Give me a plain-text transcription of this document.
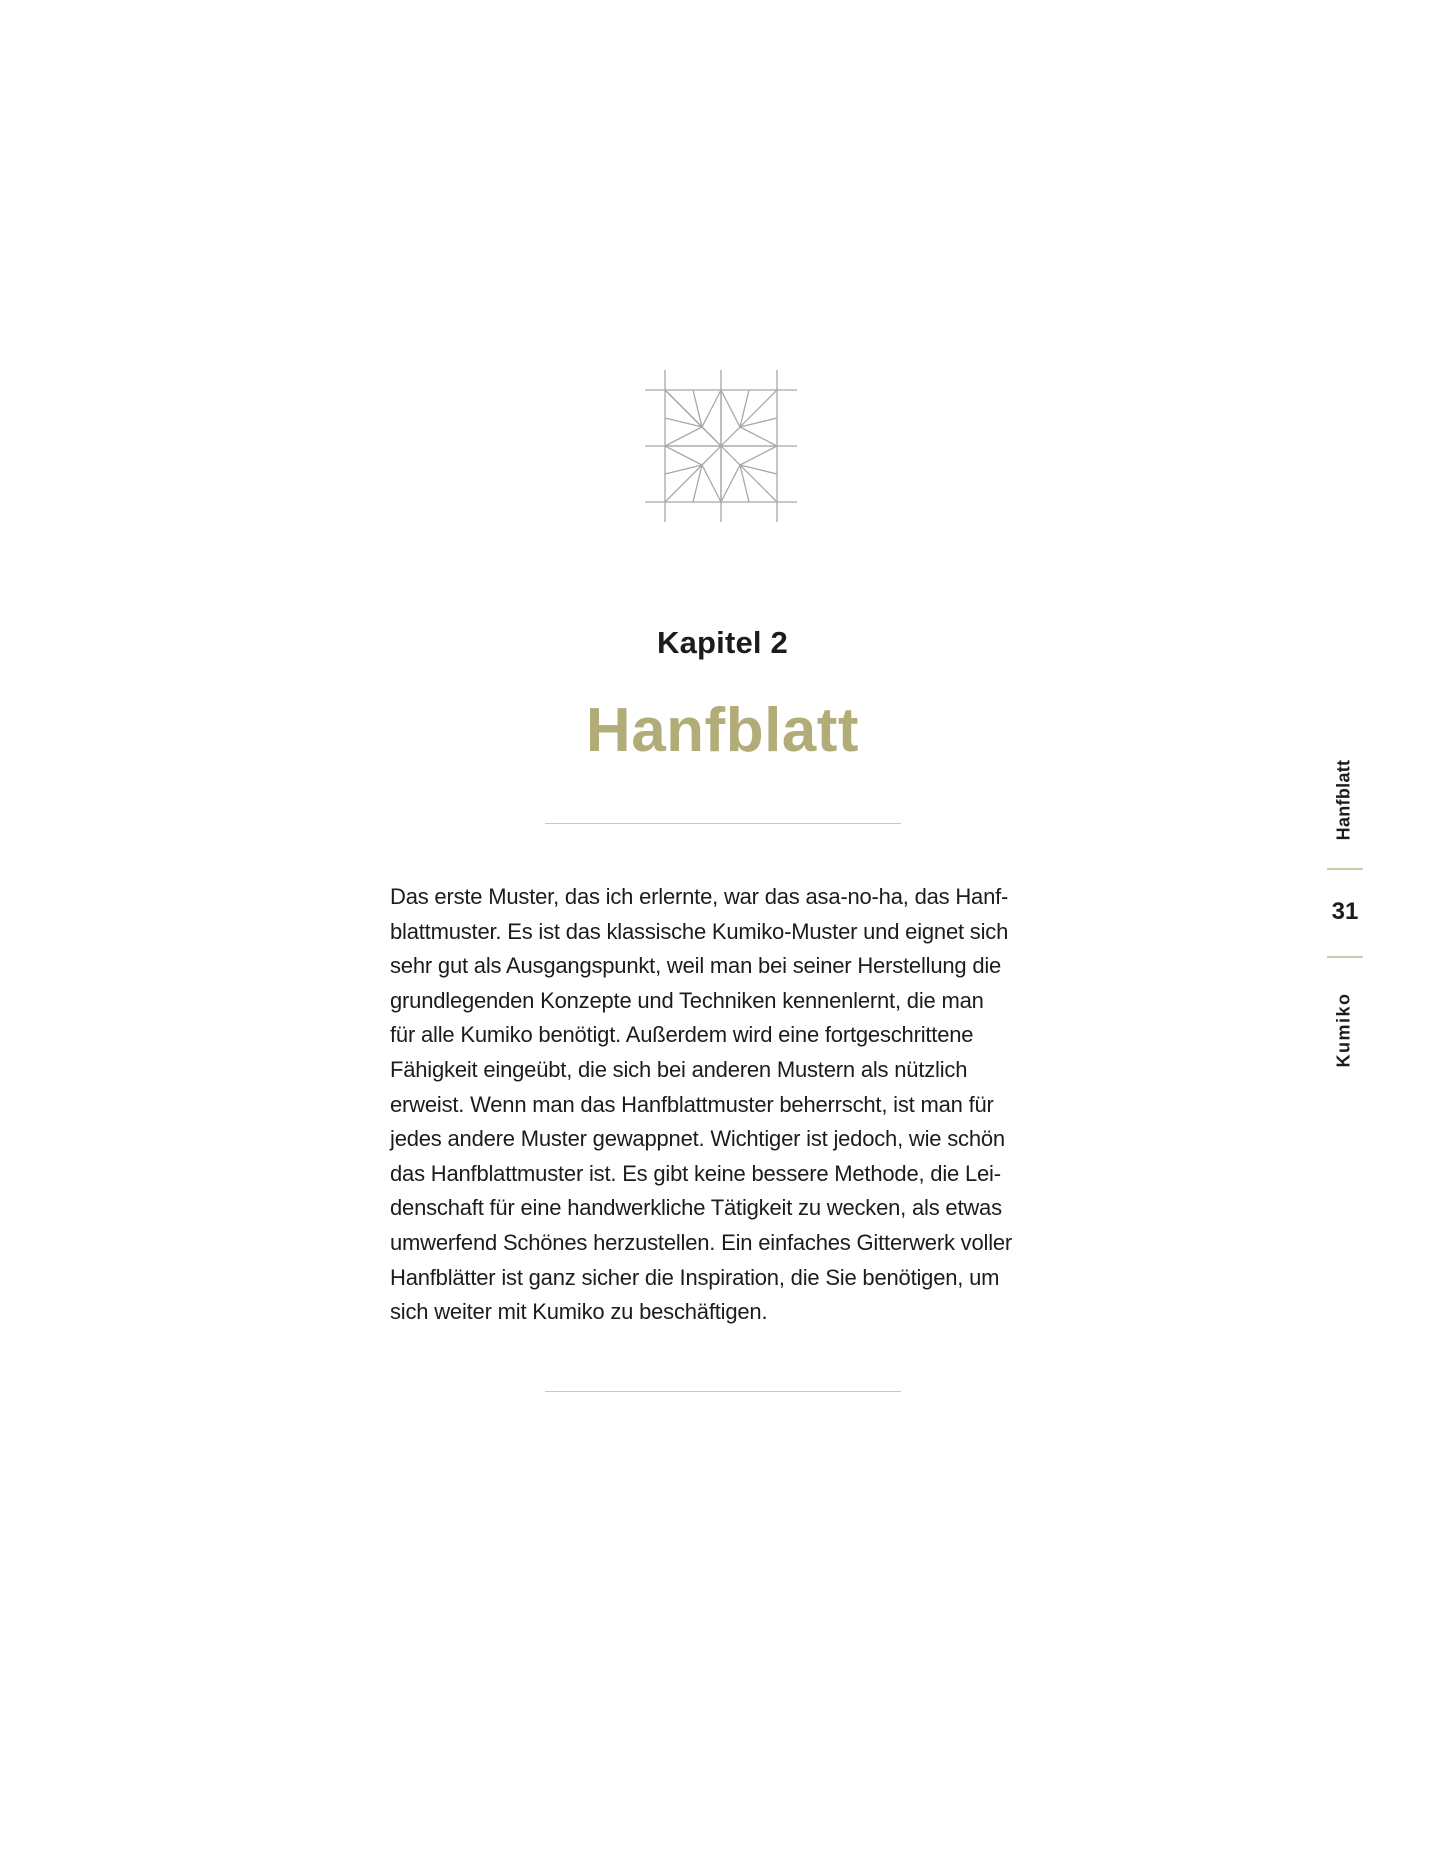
Kapitel 2
Hanfblatt
Das erste Muster, das ich erlernte, war das asa-no-ha, das Hanf-
blattmuster. Es ist das klassische Kumiko-Muster und eignet sich
sehr gut als Ausgangspunkt, weil man bei seiner Herstellung die
grundlegenden Konzepte und Techniken kennenlernt, die man
für alle Kumiko benötigt. Außerdem wird eine fortgeschrittene
Fähigkeit eingeübt, die sich bei anderen Mustern als nützlich
erweist. Wenn man das Hanfblattmuster beherrscht, ist man für
jedes andere Muster gewappnet. Wichtiger ist jedoch, wie schön
das Hanfblattmuster ist. Es gibt keine bessere Methode, die Lei-
denschaft für eine handwerkliche Tätigkeit zu wecken, als etwas
umwerfend Schönes herzustellen. Ein einfaches Gitterwerk voller
Hanfblätter ist ganz sicher die Inspiration, die Sie benötigen, um
sich weiter mit Kumiko zu beschäftigen.
Hanfblatt
31
Kumiko
